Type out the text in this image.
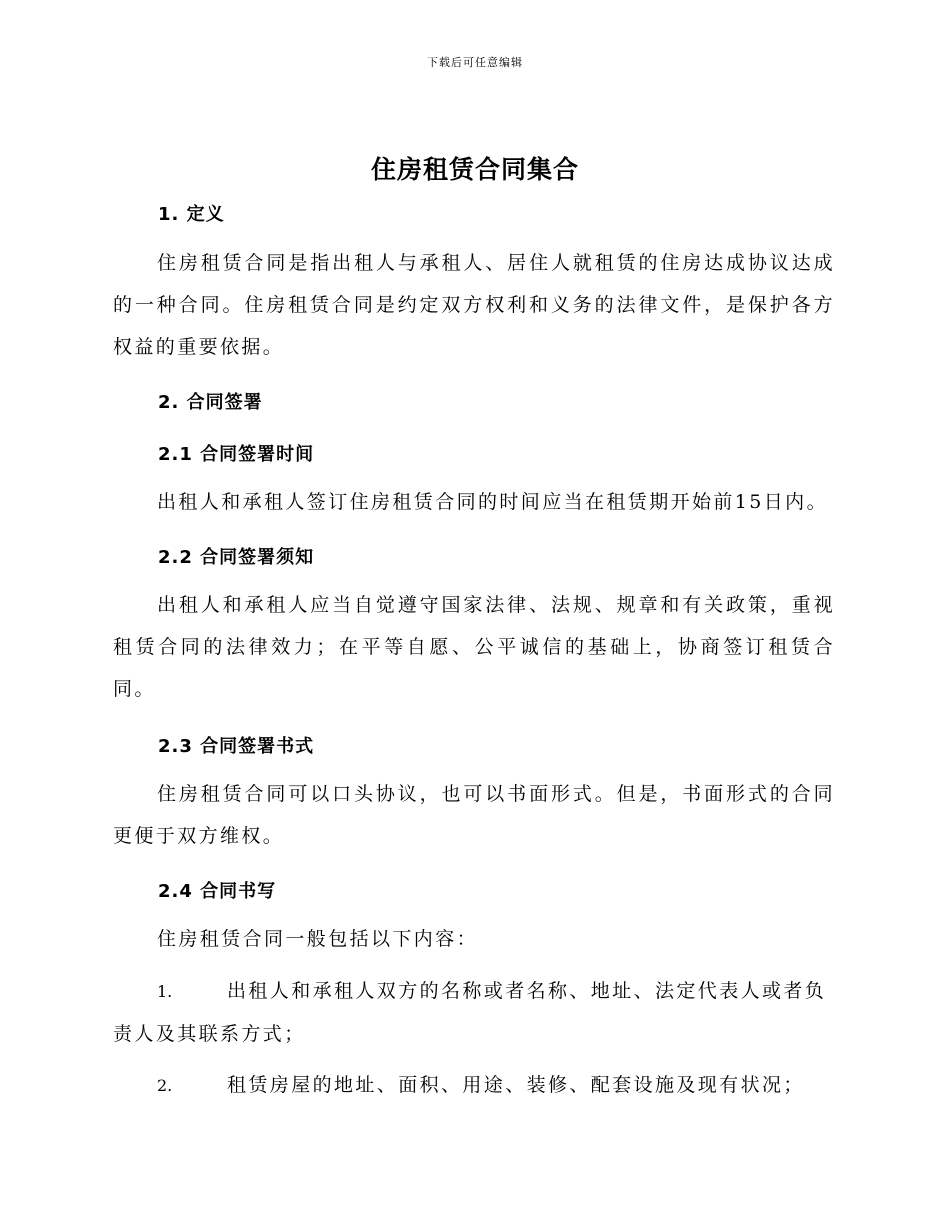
下载后可任意编辑
住房租赁合同集合
1. 定义

住房租赁合同是指出租人与承租人、居住人就租赁的住房达成协议达成的一种合同。住房租赁合同是约定双方权利和义务的法律文件，是保护各方权益的重要依据。

2. 合同签署
2.1 合同签署时间

出租人和承租人签订住房租赁合同的时间应当在租赁期开始前15日内。

2.2 合同签署须知

出租人和承租人应当自觉遵守国家法律、法规、规章和有关政策，重视租赁合同的法律效力；在平等自愿、公平诚信的基础上，协商签订租赁合同。

2.3 合同签署书式

住房租赁合同可以口头协议，也可以书面形式。但是，书面形式的合同更便于双方维权。

2.4 合同书写

住房租赁合同一般包括以下内容：

1.	出租人和承租人双方的名称或者名称、地址、法定代表人或者负责人及其联系方式；

2.	租赁房屋的地址、面积、用途、装修、配套设施及现有状况；
